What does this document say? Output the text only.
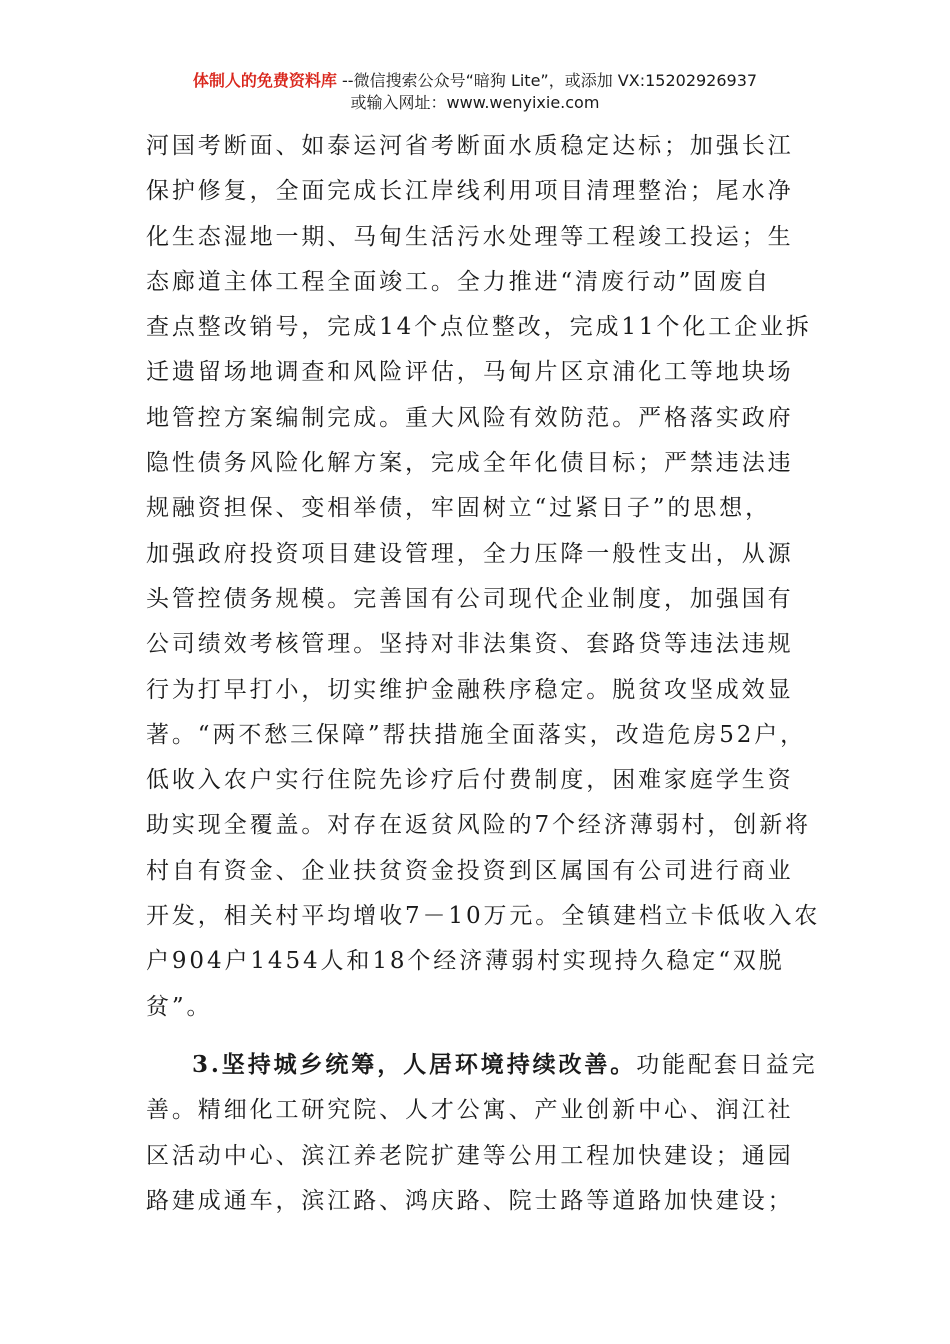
体制人的免费资料库 --微信搜索公众号“暗狗 Lite”，或添加 VX:15202926937
或输入网址：www.wenyixie.com

河国考断面、如泰运河省考断面水质稳定达标；加强长江
保护修复，全面完成长江岸线利用项目清理整治；尾水净
化生态湿地一期、马甸生活污水处理等工程竣工投运；生
态廊道主体工程全面竣工。全力推进“清废行动”固废自
查点整改销号，完成14个点位整改，完成11个化工企业拆
迁遗留场地调查和风险评估，马甸片区京浦化工等地块场
地管控方案编制完成。重大风险有效防范。严格落实政府
隐性债务风险化解方案，完成全年化债目标；严禁违法违
规融资担保、变相举债，牢固树立“过紧日子”的思想，
加强政府投资项目建设管理，全力压降一般性支出，从源
头管控债务规模。完善国有公司现代企业制度，加强国有
公司绩效考核管理。坚持对非法集资、套路贷等违法违规
行为打早打小，切实维护金融秩序稳定。脱贫攻坚成效显
著。“两不愁三保障”帮扶措施全面落实，改造危房52户，
低收入农户实行住院先诊疗后付费制度，困难家庭学生资
助实现全覆盖。对存在返贫风险的7个经济薄弱村，创新将
村自有资金、企业扶贫资金投资到区属国有公司进行商业
开发，相关村平均增收7－10万元。全镇建档立卡低收入农
户904户1454人和18个经济薄弱村实现持久稳定“双脱
贫”。

3.坚持城乡统筹，人居环境持续改善。功能配套日益完
善。精细化工研究院、人才公寓、产业创新中心、润江社
区活动中心、滨江养老院扩建等公用工程加快建设；通园
路建成通车，滨江路、鸿庆路、院士路等道路加快建设；
